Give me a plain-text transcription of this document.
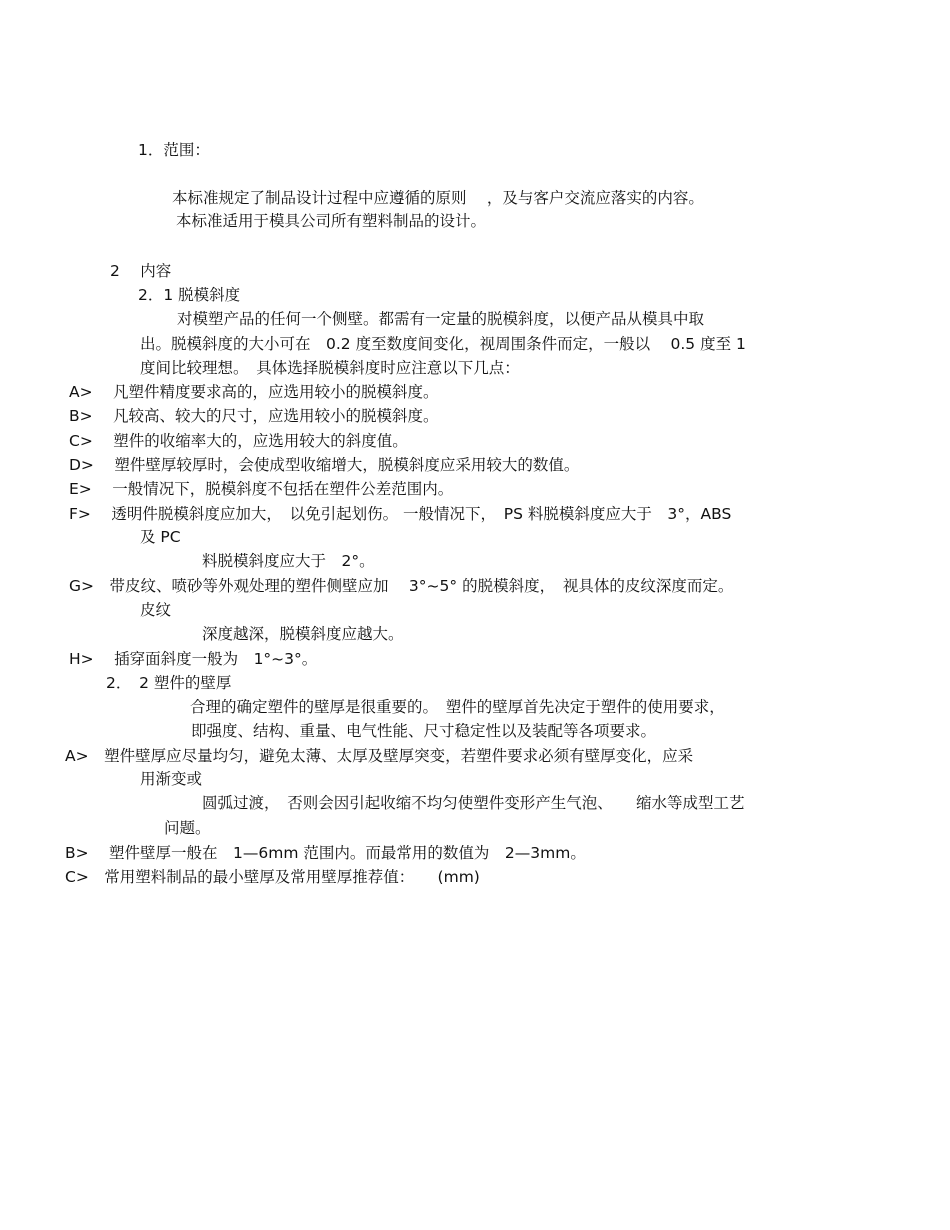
1．范围：
本标准规定了制品设计过程中应遵循的原则　 ，及与客户交流应落实的内容。
本标准适用于模具公司所有塑料制品的设计。
2　 内容
2．1 脱模斜度
对模塑产品的任何一个侧壁。都需有一定量的脱模斜度，以便产品从模具中取
出。脱模斜度的大小可在　0.2 度至数度间变化，视周围条件而定，一般以　 0.5 度至 1
度间比较理想。　具体选择脱模斜度时应注意以下几点：
A>　 凡塑件精度要求高的，应选用较小的脱模斜度。
B>　 凡较高、较大的尺寸，应选用较小的脱模斜度。
C>　 塑件的收缩率大的，应选用较大的斜度值。
D>　 塑件壁厚较厚时，会使成型收缩增大，脱模斜度应采用较大的数值。
E>　 一般情况下，脱模斜度不包括在塑件公差范围内。
F>　 透明件脱模斜度应加大，　以免引起划伤。 一般情况下，　PS 料脱模斜度应大于　3°，ABS
及 PC
料脱模斜度应大于　2°。
G>　带皮纹、喷砂等外观处理的塑件侧壁应加　 3°~5° 的脱模斜度，　视具体的皮纹深度而定。
皮纹
深度越深，脱模斜度应越大。
H>　 插穿面斜度一般为　1°~3°。
2．　2 塑件的壁厚
合理的确定塑件的壁厚是很重要的。　塑件的壁厚首先决定于塑件的使用要求，
即强度、结构、重量、电气性能、尺寸稳定性以及装配等各项要求。
A>　塑件壁厚应尽量均匀，避免太薄、太厚及壁厚突变，若塑件要求必须有壁厚变化，应采
用渐变或
圆弧过渡，　否则会因引起收缩不均匀使塑件变形产生气泡、　　缩水等成型工艺
问题。
B>　 塑件壁厚一般在　1—6mm 范围内。而最常用的数值为　2—3mm。
C>　常用塑料制品的最小壁厚及常用壁厚推荐值：　　(mm)
